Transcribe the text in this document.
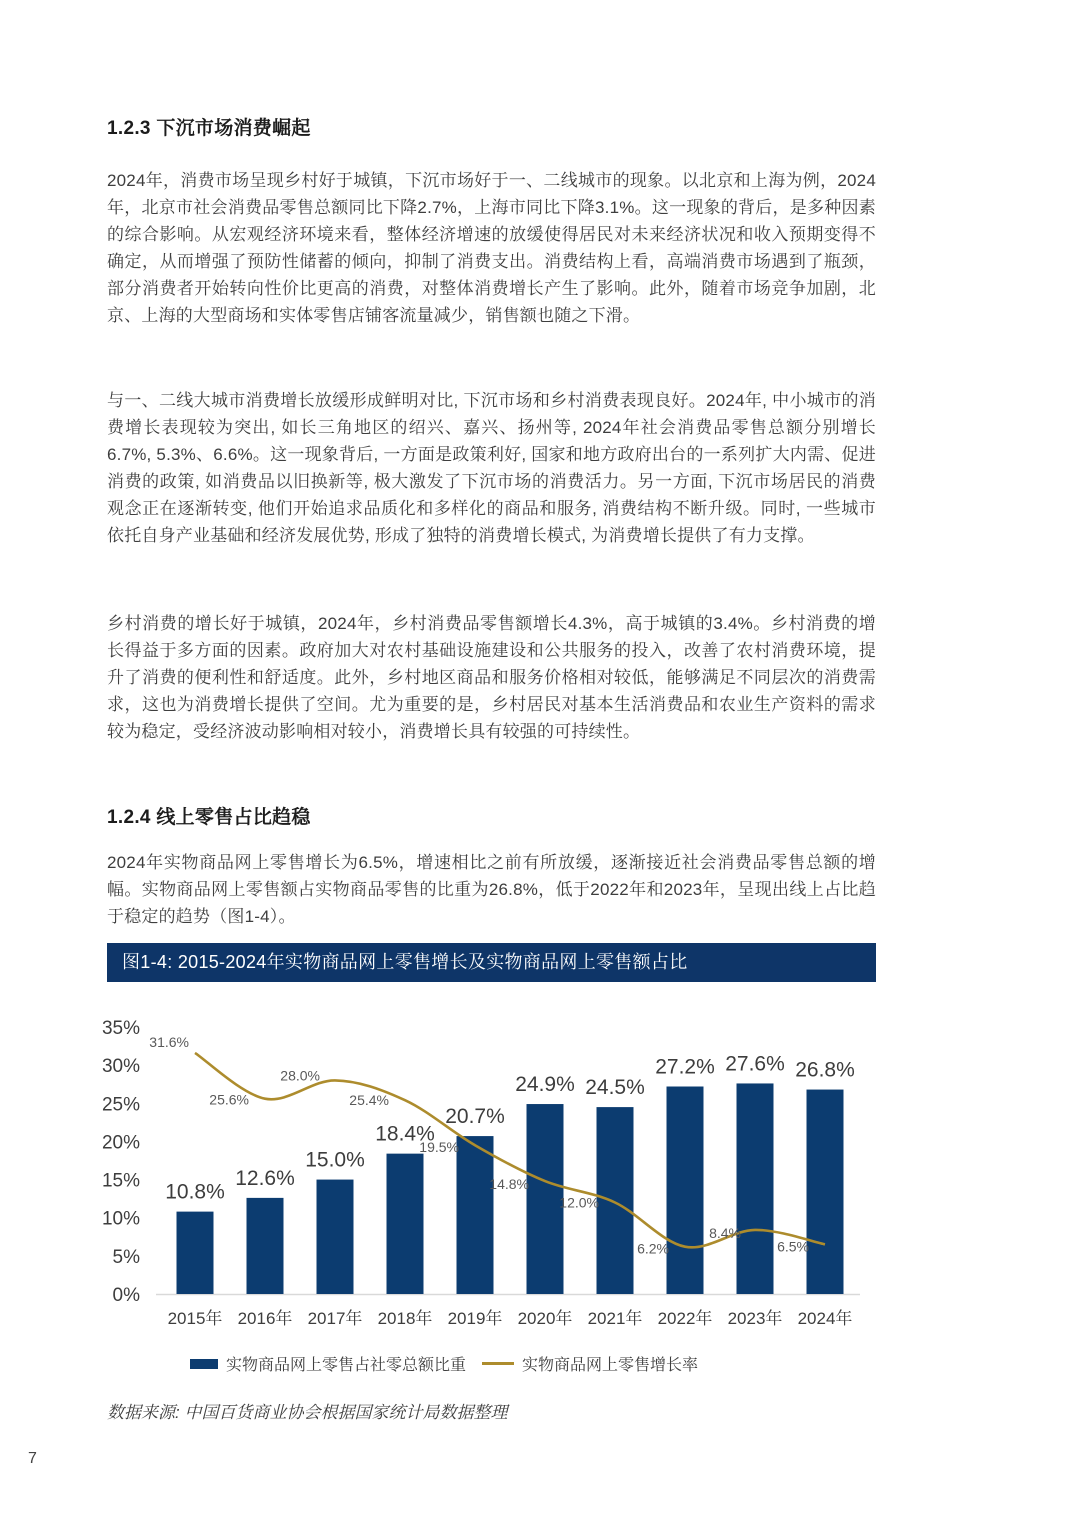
1.2.3 下沉市场消费崛起

2024年，消费市场呈现乡村好于城镇，下沉市场好于一、二线城市的现象。以北京和上海为例，2024年，北京市社会消费品零售总额同比下降2.7%，上海市同比下降3.1%。这一现象的背后，是多种因素的综合影响。从宏观经济环境来看，整体经济增速的放缓使得居民对未来经济状况和收入预期变得不确定，从而增强了预防性储蓄的倾向，抑制了消费支出。消费结构上看，高端消费市场遇到了瓶颈，部分消费者开始转向性价比更高的消费，对整体消费增长产生了影响。此外，随着市场竞争加剧，北京、上海的大型商场和实体零售店铺客流量减少，销售额也随之下滑。

与一、二线大城市消费增长放缓形成鲜明对比, 下沉市场和乡村消费表现良好。2024年, 中小城市的消费增长表现较为突出, 如长三角地区的绍兴、嘉兴、扬州等, 2024年社会消费品零售总额分别增长6.7%, 5.3%、6.6%。这一现象背后, 一方面是政策利好, 国家和地方政府出台的一系列扩大内需、促进消费的政策, 如消费品以旧换新等, 极大激发了下沉市场的消费活力。另一方面, 下沉市场居民的消费观念正在逐渐转变, 他们开始追求品质化和多样化的商品和服务, 消费结构不断升级。同时, 一些城市依托自身产业基础和经济发展优势, 形成了独特的消费增长模式, 为消费增长提供了有力支撑。

乡村消费的增长好于城镇，2024年，乡村消费品零售额增长4.3%，高于城镇的3.4%。乡村消费的增长得益于多方面的因素。政府加大对农村基础设施建设和公共服务的投入，改善了农村消费环境，提升了消费的便利性和舒适度。此外，乡村地区商品和服务价格相对较低，能够满足不同层次的消费需求，这也为消费增长提供了空间。尤为重要的是，乡村居民对基本生活消费品和农业生产资料的需求较为稳定，受经济波动影响相对较小，消费增长具有较强的可持续性。

1.2.4 线上零售占比趋稳

2024年实物商品网上零售增长为6.5%，增速相比之前有所放缓，逐渐接近社会消费品零售总额的增幅。实物商品网上零售额占实物商品零售的比重为26.8%，低于2022年和2023年，呈现出线上占比趋于稳定的趋势（图1-4）。

图1-4: 2015-2024年实物商品网上零售增长及实物商品网上零售额占比
0%
5%
10%
15%
20%
25%
30%
35%
2015年 2016年 2017年 2018年 2019年 2020年 2021年 2022年 2023年 2024年
31.6%
25.6%
28.0%
25.4%
19.5%
14.8%
12.0%
6.2%
8.4%
6.5%
10.8%
12.6%
15.0%
18.4%
20.7%
24.9% 24.5%
27.2% 27.6% 26.8%
实物商品网上零售占社零总额比重	实物商品网上零售增长率
数据来源: 中国百货商业协会根据国家统计局数据整理
7
